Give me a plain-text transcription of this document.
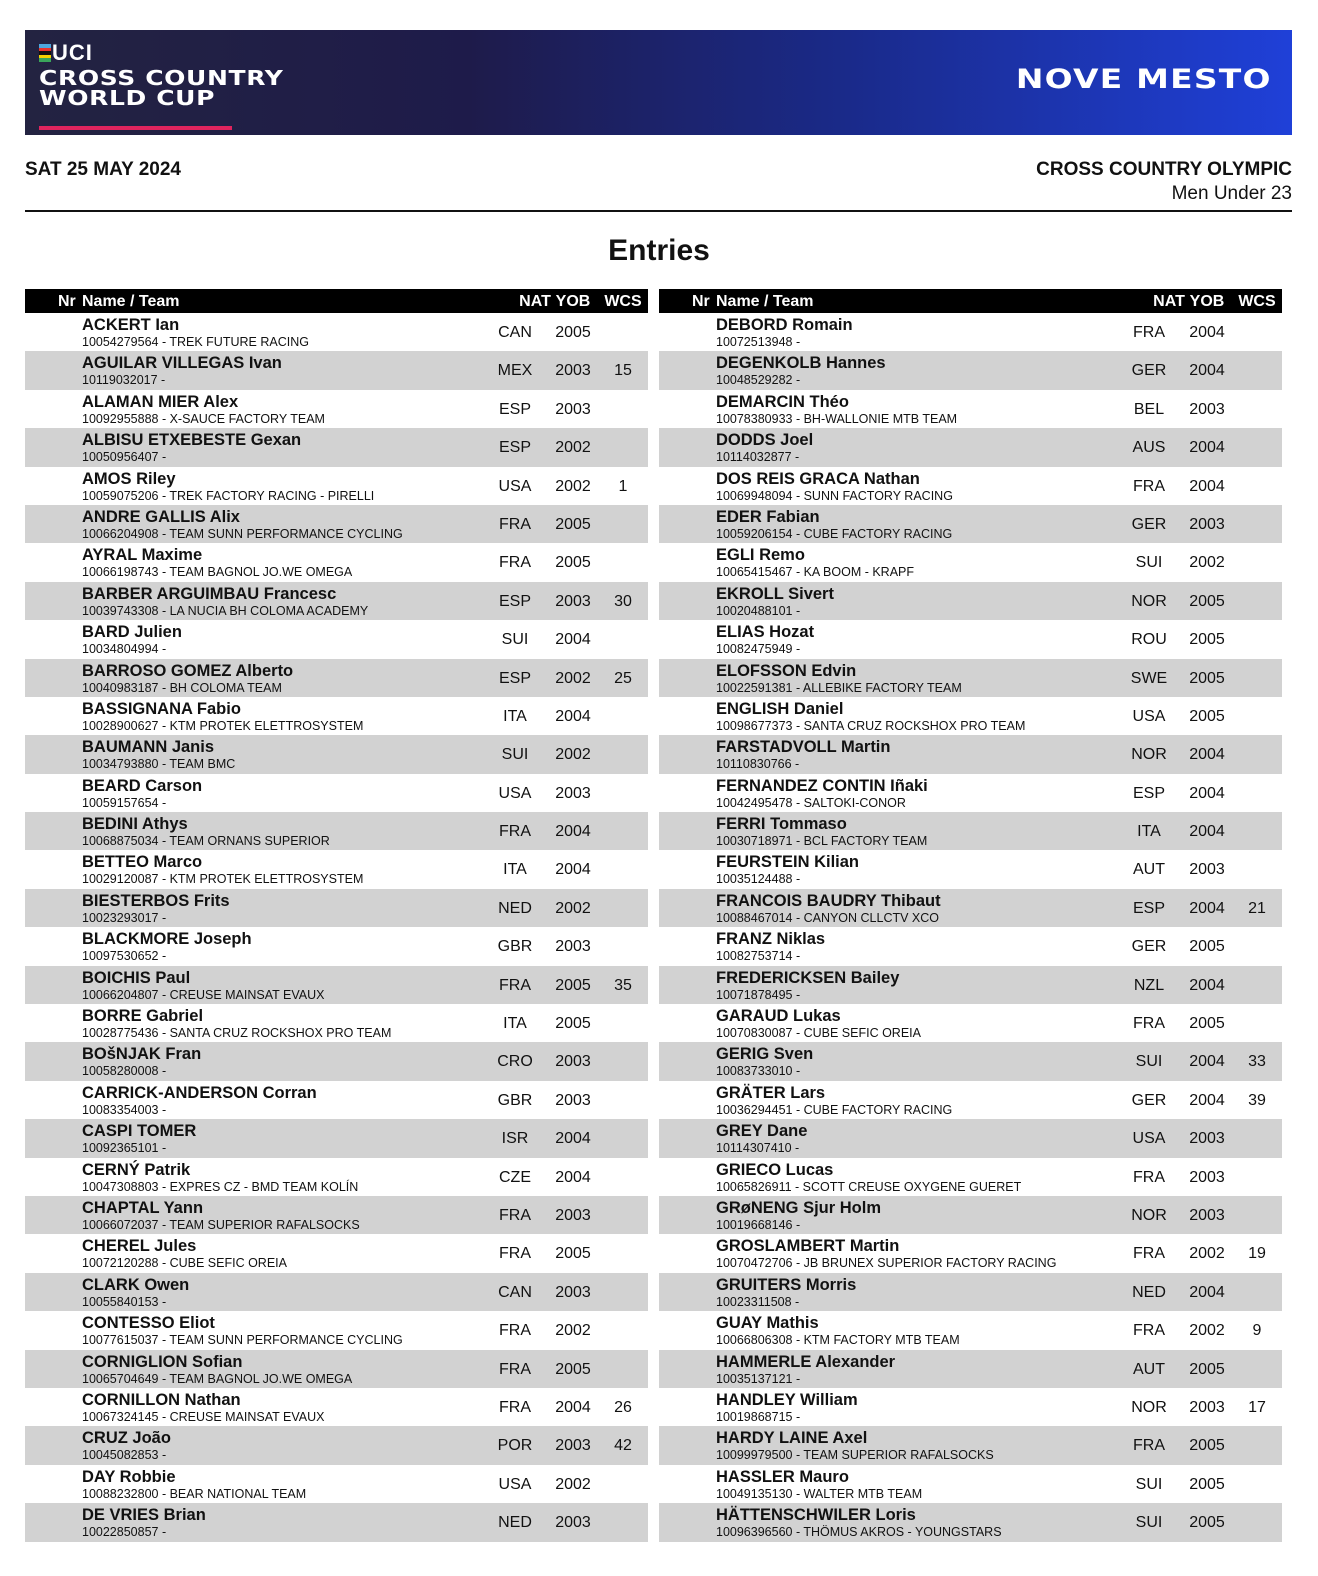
UCI
CROSS COUNTRY
WORLD CUP
NOVE MESTO
SAT 25 MAY 2024	CROSS COUNTRY OLYMPIC
Men Under 23
Entries
Nr Name / Team	NAT YOB WCS
ACKERT Ian
10054279564 - TREK FUTURE RACING
CAN	2005
AGUILAR VILLEGAS Ivan
10119032017 -
MEX	2003	15
ALAMAN MIER Alex
10092955888 - X-SAUCE FACTORY TEAM
ESP	2003
ALBISU ETXEBESTE Gexan
10050956407 -
ESP	2002
AMOS Riley
10059075206 - TREK FACTORY RACING - PIRELLI
USA	2002	1
ANDRE GALLIS Alix
10066204908 - TEAM SUNN PERFORMANCE CYCLING
FRA	2005
AYRAL Maxime
10066198743 - TEAM BAGNOL JO.WE OMEGA
FRA	2005
BARBER ARGUIMBAU Francesc
10039743308 - LA NUCIA BH COLOMA ACADEMY
ESP	2003	30
BARD Julien
10034804994 -
SUI	2004
BARROSO GOMEZ Alberto
10040983187 - BH COLOMA TEAM
ESP	2002	25
BASSIGNANA Fabio
10028900627 - KTM PROTEK ELETTROSYSTEM
ITA	2004
BAUMANN Janis
10034793880 - TEAM BMC
SUI	2002
BEARD Carson
10059157654 -
USA	2003
BEDINI Athys
10068875034 - TEAM ORNANS SUPERIOR
FRA	2004
BETTEO Marco
10029120087 - KTM PROTEK ELETTROSYSTEM
ITA	2004
BIESTERBOS Frits
10023293017 -
NED	2002
BLACKMORE Joseph
10097530652 -
GBR	2003
BOICHIS Paul
10066204807 - CREUSE MAINSAT EVAUX
FRA	2005	35
BORRE Gabriel
10028775436 - SANTA CRUZ ROCKSHOX PRO TEAM
ITA	2005
BOšNJAK Fran
10058280008 -
CRO	2003
CARRICK-ANDERSON Corran
10083354003 -
GBR	2003
CASPI TOMER
10092365101 -
ISR	2004
CERNÝ Patrik
10047308803 - EXPRES CZ - BMD TEAM KOLÍN
CZE	2004
CHAPTAL Yann
10066072037 - TEAM SUPERIOR RAFALSOCKS
FRA	2003
CHEREL Jules
10072120288 - CUBE SEFIC OREIA
FRA	2005
CLARK Owen
10055840153 -
CAN	2003
CONTESSO Eliot
10077615037 - TEAM SUNN PERFORMANCE CYCLING
FRA	2002
CORNIGLION Sofian
10065704649 - TEAM BAGNOL JO.WE OMEGA
FRA	2005
CORNILLON Nathan
10067324145 - CREUSE MAINSAT EVAUX
FRA	2004	26
CRUZ João
10045082853 -
POR	2003	42
DAY Robbie
10088232800 - BEAR NATIONAL TEAM
USA	2002
DE VRIES Brian
10022850857 -
NED	2003
Nr Name / Team	NAT YOB WCS
DEBORD Romain
10072513948 -
FRA	2004
DEGENKOLB Hannes
10048529282 -
GER	2004
DEMARCIN Théo
10078380933 - BH-WALLONIE MTB TEAM
BEL	2003
DODDS Joel
10114032877 -
AUS	2004
DOS REIS GRACA Nathan
10069948094 - SUNN FACTORY RACING
FRA	2004
EDER Fabian
10059206154 - CUBE FACTORY RACING
GER	2003
EGLI Remo
10065415467 - KA BOOM - KRAPF
SUI	2002
EKROLL Sivert
10020488101 -
NOR	2005
ELIAS Hozat
10082475949 -
ROU	2005
ELOFSSON Edvin
10022591381 - ALLEBIKE FACTORY TEAM
SWE	2005
ENGLISH Daniel
10098677373 - SANTA CRUZ ROCKSHOX PRO TEAM
USA	2005
FARSTADVOLL Martin
10110830766 -
NOR	2004
FERNANDEZ CONTIN Iñaki
10042495478 - SALTOKI-CONOR
ESP	2004
FERRI Tommaso
10030718971 - BCL FACTORY TEAM
ITA	2004
FEURSTEIN Kilian
10035124488 -
AUT	2003
FRANCOIS BAUDRY Thibaut
10088467014 - CANYON CLLCTV XCO
ESP	2004	21
FRANZ Niklas
10082753714 -
GER	2005
FREDERICKSEN Bailey
10071878495 -
NZL	2004
GARAUD Lukas
10070830087 - CUBE SEFIC OREIA
FRA	2005
GERIG Sven
10083733010 -
SUI	2004	33
GRÄTER Lars
10036294451 - CUBE FACTORY RACING
GER	2004	39
GREY Dane
10114307410 -
USA	2003
GRIECO Lucas
10065826911 - SCOTT CREUSE OXYGENE GUERET
FRA	2003
GRøNENG Sjur Holm
10019668146 -
NOR	2003
GROSLAMBERT Martin
10070472706 - JB BRUNEX SUPERIOR FACTORY RACING
FRA	2002	19
GRUITERS Morris
10023311508 -
NED	2004
GUAY Mathis
10066806308 - KTM FACTORY MTB TEAM
FRA	2002	9
HAMMERLE Alexander
10035137121 -
AUT	2005
HANDLEY William
10019868715 -
NOR	2003	17
HARDY LAINE Axel
10099979500 - TEAM SUPERIOR RAFALSOCKS
FRA	2005
HASSLER Mauro
10049135130 - WALTER MTB TEAM
SUI	2005
HÄTTENSCHWILER Loris
10096396560 - THÖMUS AKROS - YOUNGSTARS
SUI	2005
